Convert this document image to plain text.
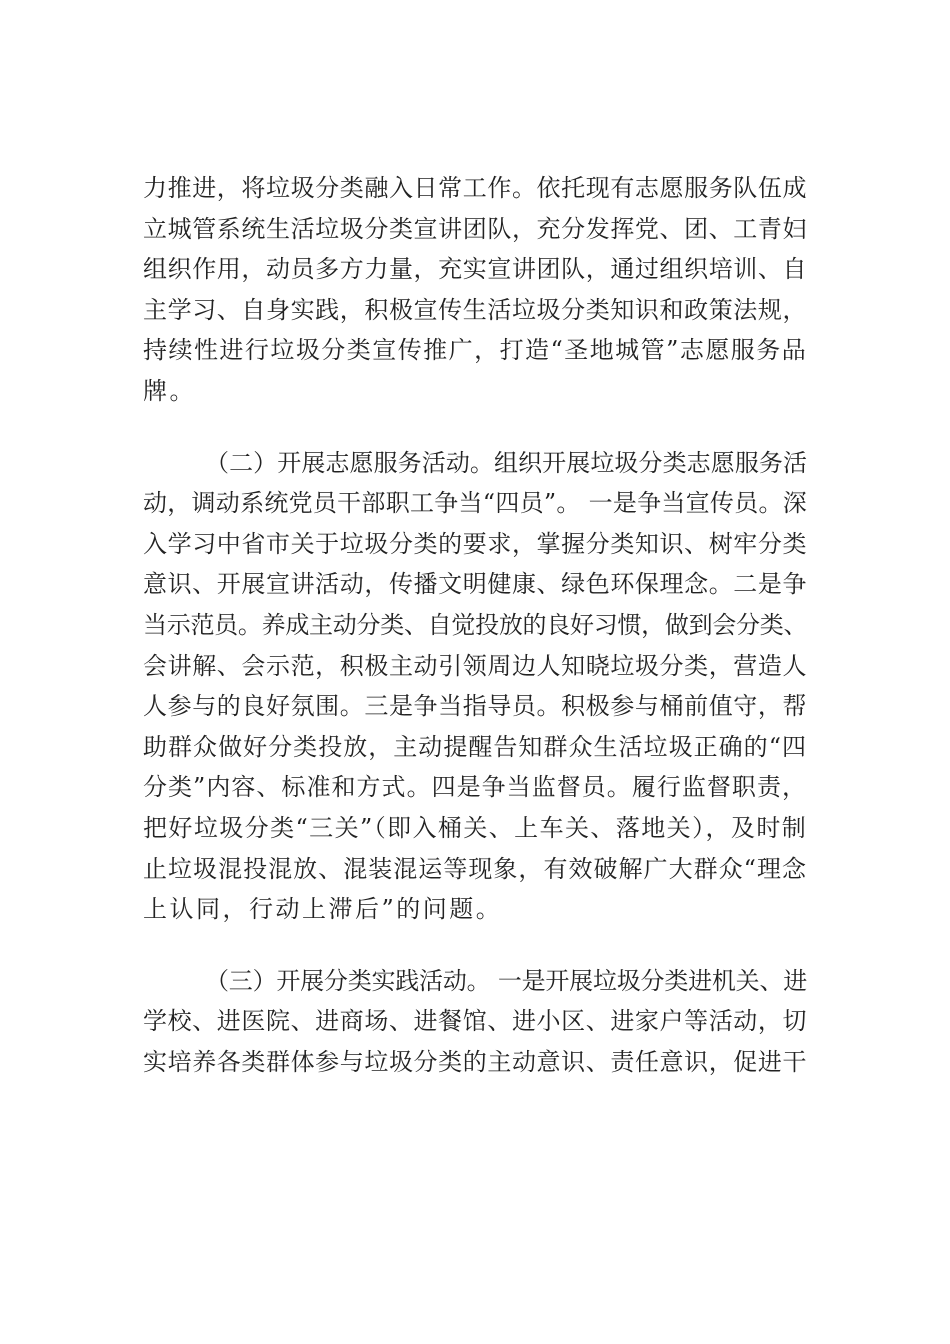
力推进，将垃圾分类融入日常工作。依托现有志愿服务队伍成
立城管系统生活垃圾分类宣讲团队，充分发挥党、团、工青妇
组织作用，动员多方力量，充实宣讲团队，通过组织培训、自
主学习、自身实践，积极宣传生活垃圾分类知识和政策法规，
持续性进行垃圾分类宣传推广，打造“圣地城管”志愿服务品
牌。

（二）开展志愿服务活动。组织开展垃圾分类志愿服务活
动，调动系统党员干部职工争当“四员”。 一是争当宣传员。深
入学习中省市关于垃圾分类的要求，掌握分类知识、树牢分类
意识、开展宣讲活动，传播文明健康、绿色环保理念。二是争
当示范员。养成主动分类、自觉投放的良好习惯，做到会分类、
会讲解、会示范，积极主动引领周边人知晓垃圾分类，营造人
人参与的良好氛围。三是争当指导员。积极参与桶前值守，帮
助群众做好分类投放，主动提醒告知群众生活垃圾正确的“四
分类”内容、标准和方式。四是争当监督员。履行监督职责，
把好垃圾分类“三关”（即入桶关、上车关、落地关），及时制
止垃圾混投混放、混装混运等现象，有效破解广大群众“理念
上认同，行动上滞后”的问题。

（三）开展分类实践活动。 一是开展垃圾分类进机关、进
学校、进医院、进商场、进餐馆、进小区、进家户等活动，切
实培养各类群体参与垃圾分类的主动意识、责任意识，促进干
